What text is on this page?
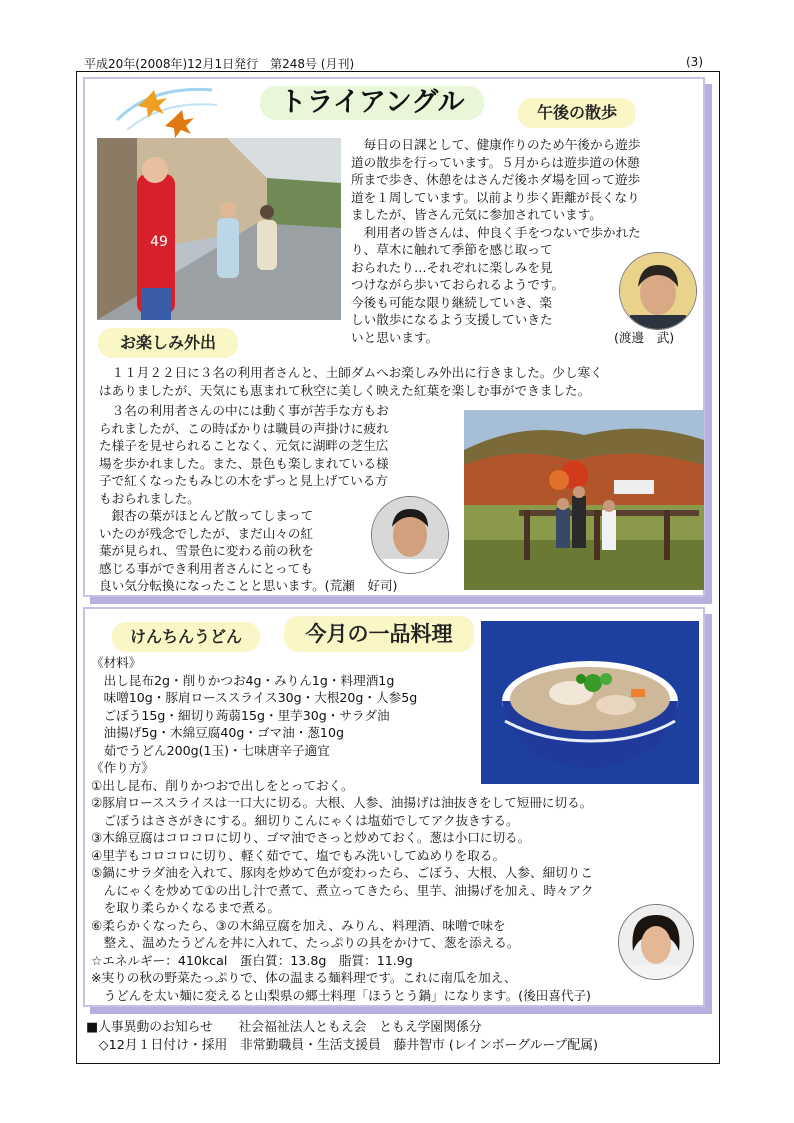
平成20年(2008年)12月1日発行　第248号 (月刊)	(3)
トライアングル	午後の散歩
49
　毎日の日課として、健康作りのため午後から遊歩
道の散歩を行っています。５月からは遊歩道の休憩
所まで歩き、休憩をはさんだ後ホダ場を回って遊歩
道を１周しています。以前より歩く距離が長くなり
ましたが、皆さん元気に参加されています。
　利用者の皆さんは、仲良く手をつないで歩かれた
り、草木に触れて季節を感じ取って
おられたり…それぞれに楽しみを見
つけながら歩いておられるようです。
今後も可能な限り継続していき、楽
しい散歩になるよう支援していきた
いと思います。	(渡邊　武)
お楽しみ外出
　１１月２２日に３名の利用者さんと、土師ダムへお楽しみ外出に行きました。少し寒く
はありましたが、天気にも恵まれて秋空に美しく映えた紅葉を楽しむ事ができました。
　３名の利用者さんの中には動く事が苦手な方もお
られましたが、この時ばかりは職員の声掛けに疲れ
た様子を見せられることなく、元気に湖畔の芝生広
場を歩かれました。また、景色も楽しまれている様
子で紅くなったもみじの木をずっと見上げている方
もおられました。
　銀杏の葉がほとんど散ってしまって
いたのが残念でしたが、まだ山々の紅
葉が見られ、雪景色に変わる前の秋を
感じる事ができ利用者さんにとっても
良い気分転換になったことと思います。(荒瀬　好司)
けんちんうどん	今月の一品料理
《材料》
　出し昆布2g・削りかつお4g・みりん1g・料理酒1g
　味噌10g・豚肩ローススライス30g・大根20g・人参5g
　ごぼう15g・細切り蒟蒻15g・里芋30g・サラダ油
　油揚げ5g・木綿豆腐40g・ゴマ油・葱10g
　茹でうどん200g(1玉)・七味唐辛子適宜
《作り方》
①出し昆布、削りかつおで出しをとっておく。
②豚肩ローススライスは一口大に切る。大根、人参、油揚げは油抜きをして短冊に切る。
　ごぼうはささがきにする。細切りこんにゃくは塩茹でしてアク抜きする。
③木綿豆腐はコロコロに切り、ゴマ油でさっと炒めておく。葱は小口に切る。
④里芋もコロコロに切り、軽く茹でて、塩でもみ洗いしてぬめりを取る。
⑤鍋にサラダ油を入れて、豚肉を炒めて色が変わったら、ごぼう、大根、人参、細切りこ
　んにゃくを炒めて①の出し汁で煮て、煮立ってきたら、里芋、油揚げを加え、時々アク
　を取り柔らかくなるまで煮る。
⑥柔らかくなったら、③の木綿豆腐を加え、みりん、料理酒、味噌で味を
　整え、温めたうどんを丼に入れて、たっぷりの具をかけて、葱を添える。
☆エネルギー：410kcal　蛋白質：13.8g　脂質：11.9g
※実りの秋の野菜たっぷりで、体の温まる麺料理です。これに南瓜を加え、
　うどんを太い麺に変えると山梨県の郷土料理「ほうとう鍋」になります。(後田喜代子)
■人事異動のお知らせ　　社会福祉法人ともえ会　ともえ学園関係分
　◇12月１日付け・採用　非常勤職員・生活支援員　藤井智市 (レインボーグループ配属)
